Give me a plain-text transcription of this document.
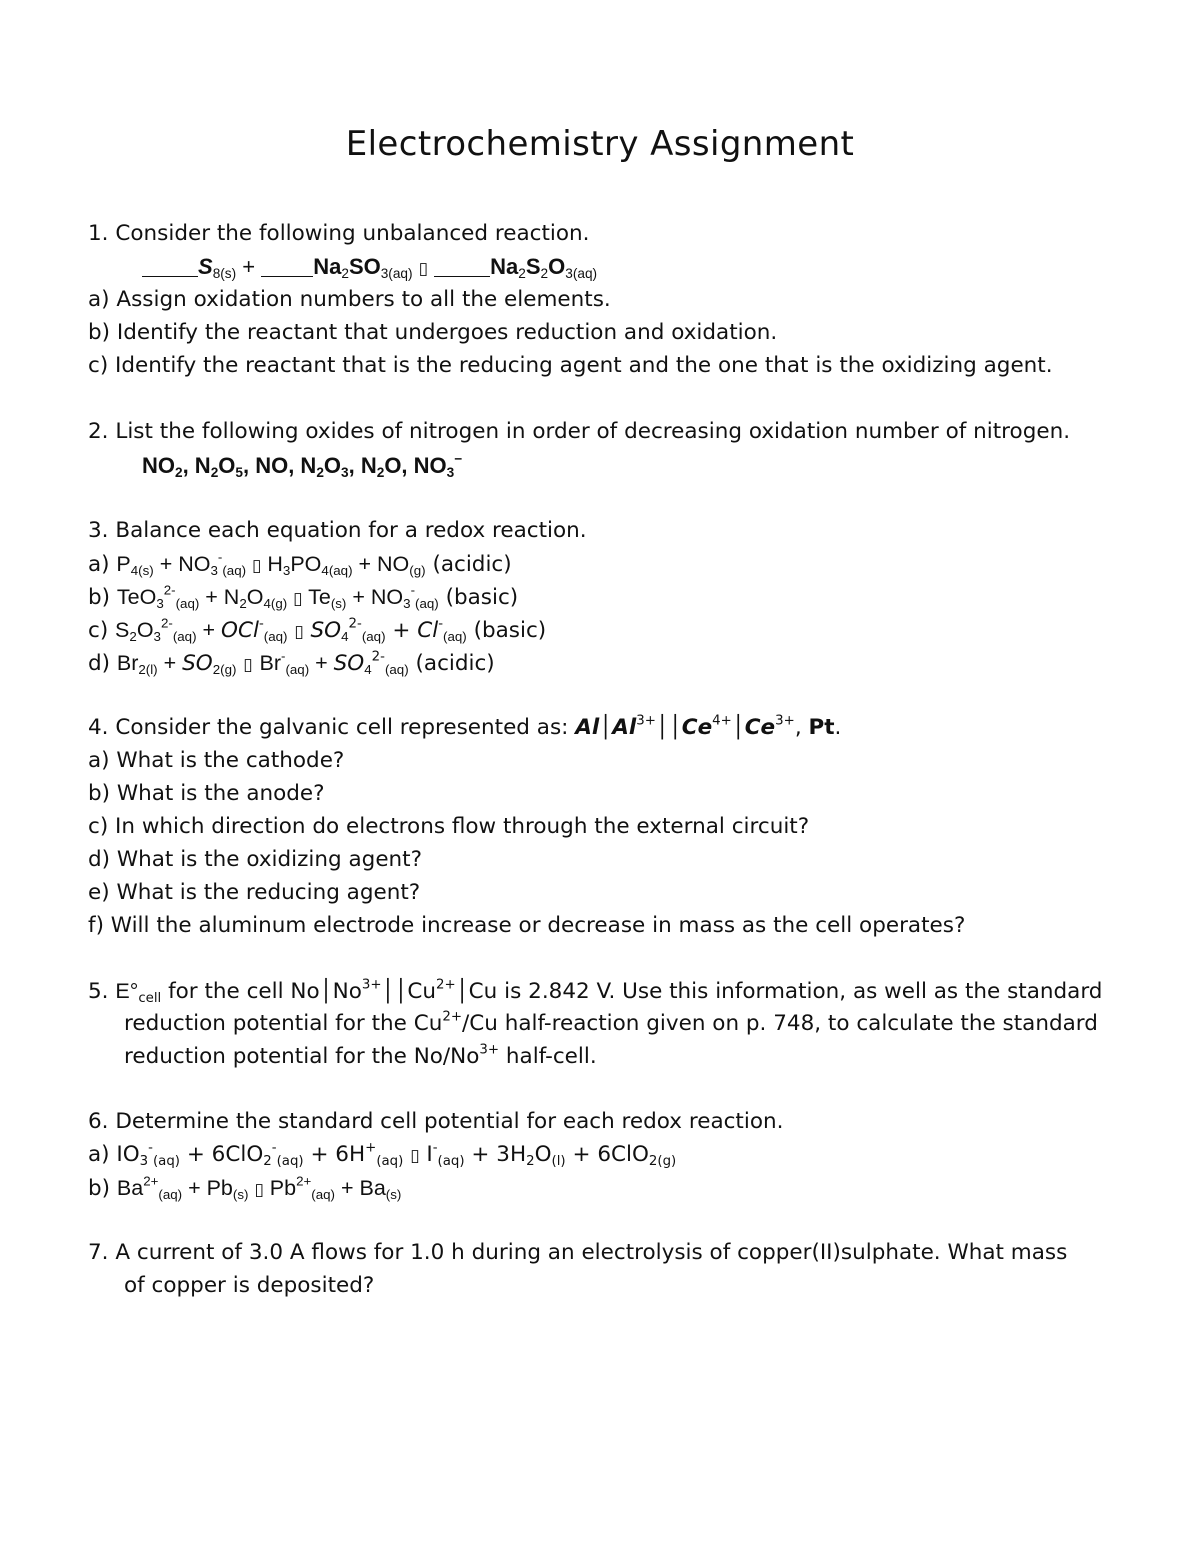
Electrochemistry Assignment
1. Consider the following unbalanced reaction.
$S_{8(s)} + Na_2SO_{3(aq)}$ ▯	$Na_2S_2O_{3(aq)}$
a) Assign oxidation numbers to all the elements.
b) Identify the reactant that undergoes reduction and oxidation.
c) Identify the reactant that is the reducing agent and the one that is the oxidizing agent.
2. List the following oxides of nitrogen in order of decreasing oxidation number of nitrogen.
$NO_2$, $N_2O_5$, NO, $N_2O_3$, $N_2O$, $NO_3^-$
3. Balance each equation for a redox reaction.
a) $P_{4(s)} + NO_3^-_{(aq)}$ ▯ $H_3PO_{4(aq)} + NO_{(g)}$ (acidic)
b) $TeO_3^{2-}_{(aq)} + N_2O_{4(g)}$ ▯ $Te_{(s)} + NO_3^-_{(aq)}$ (basic)
c) $S_2O_3^{2-}_{(aq)} + OCl^-_{(aq)}$ ▯ $SO_4^{2-}_{(aq)} + Cl^-_{(aq)}$ (basic)
d) $Br_{2(l)} + SO_{2(g)}$ ▯ $Br^-_{(aq)} + SO_4^{2-}_{(aq)}$ (acidic)
4. Consider the galvanic cell represented as: $Al│Al^{3+}││Ce^{4+}│Ce^{3+}$, Pt.
a) What is the cathode?
b) What is the anode?
c) In which direction do electrons flow through the external circuit?
d) What is the oxidizing agent?
e) What is the reducing agent?
f) Will the aluminum electrode increase or decrease in mass as the cell operates?
5. $E^\circ_{cell}$ for the cell $No│No^{3+}││Cu^{2+}│Cu$ is 2.842 V. Use this information, as well as the standard
reduction potential for the $Cu^{2+}/Cu$ half-reaction given on p. 748, to calculate the standard
reduction potential for the $No/No^{3+}$ half-cell.
6. Determine the standard cell potential for each redox reaction.
a) $IO_3^-_{(aq)} + 6ClO_2^-_{(aq)} + 6H^+_{(aq)}$ ▯ $I^-_{(aq)} + 3H_2O_{(l)} + 6ClO_{2(g)}$
b) $Ba^{2+}_{(aq)} + Pb_{(s)}$ ▯ $Pb^{2+}_{(aq)} + Ba_{(s)}$
7. A current of 3.0 A flows for 1.0 h during an electrolysis of copper(II)sulphate. What mass
of copper is deposited?
